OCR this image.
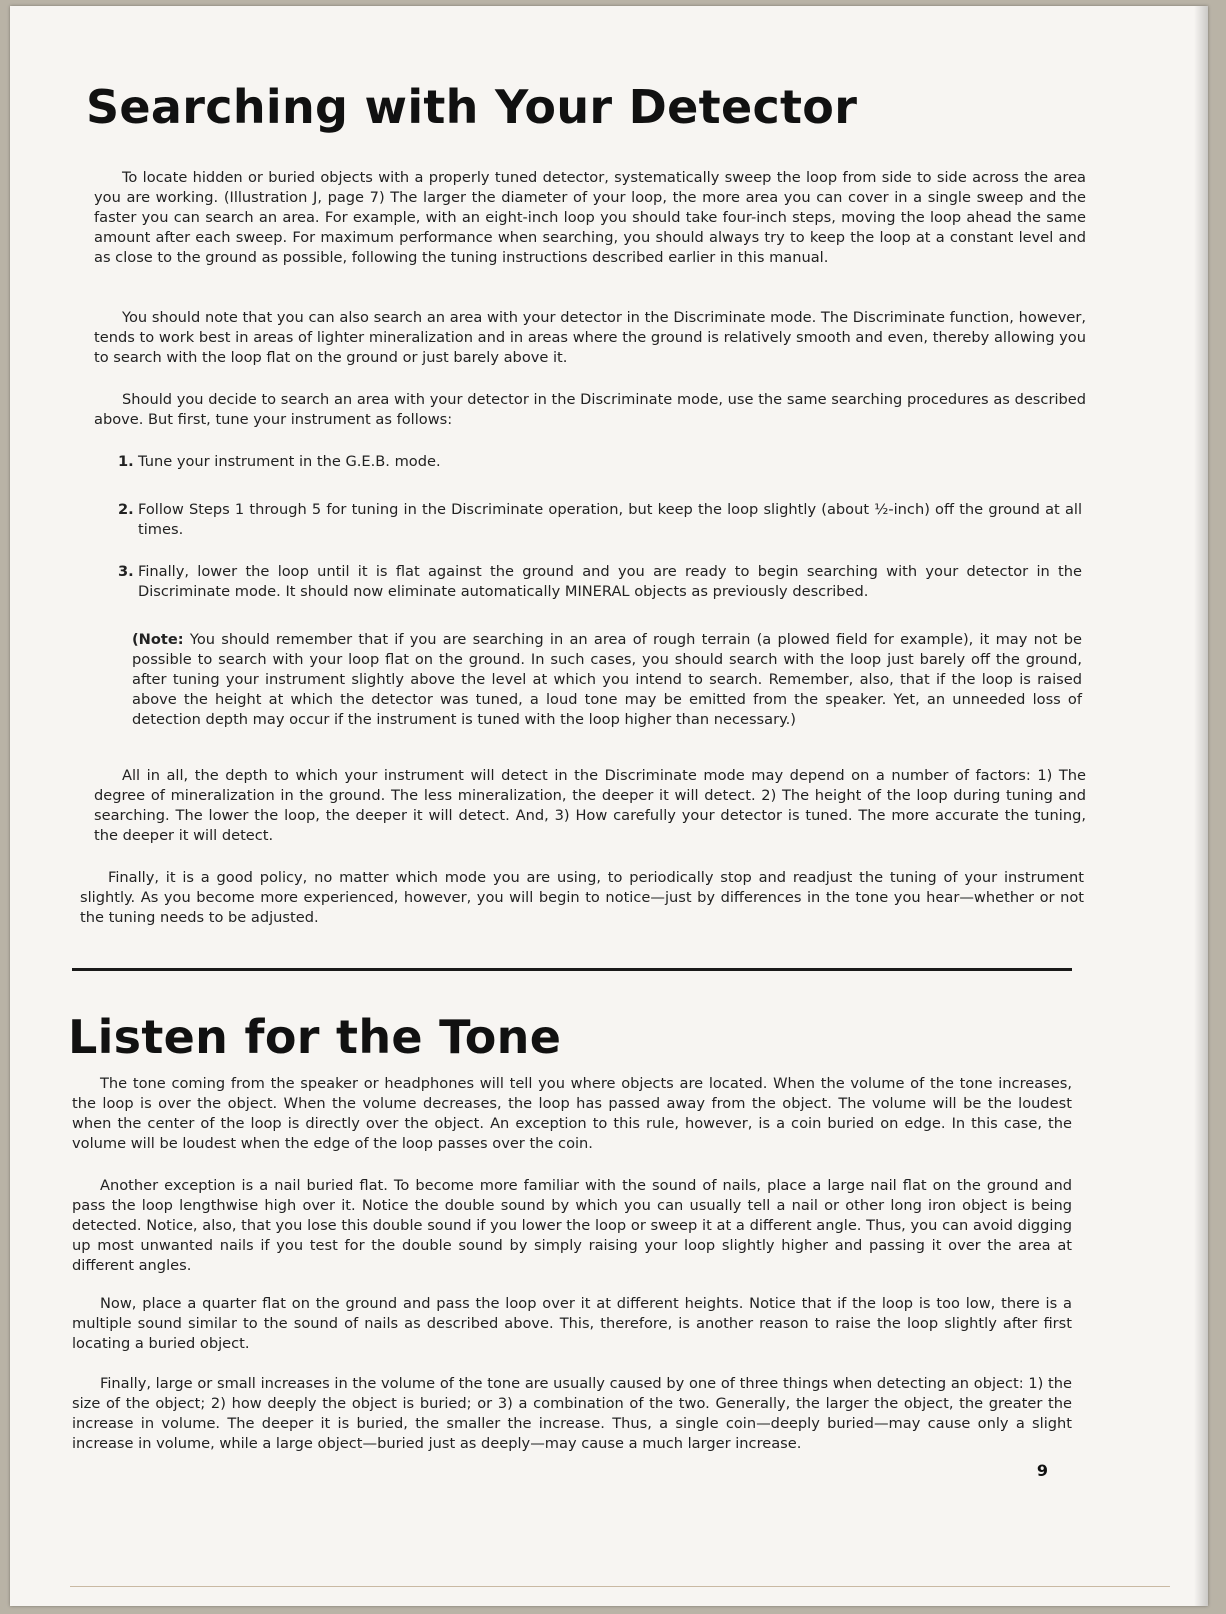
Searching with Your Detector

To locate hidden or buried objects with a properly tuned detector, systematically sweep the loop from side to side across the area you are working. (Illustration J, page 7) The larger the diameter of your loop, the more area you can cover in a single sweep and the faster you can search an area. For example, with an eight-inch loop you should take four-inch steps, moving the loop ahead the same amount after each sweep. For maximum performance when searching, you should always try to keep the loop at a constant level and as close to the ground as possible, following the tuning instructions described earlier in this manual.

You should note that you can also search an area with your detector in the Discriminate mode. The Discriminate function, however, tends to work best in areas of lighter mineralization and in areas where the ground is relatively smooth and even, thereby allowing you to search with the loop flat on the ground or just barely above it.

Should you decide to search an area with your detector in the Discriminate mode, use the same searching procedures as described above. But first, tune your instrument as follows:

1. Tune your instrument in the G.E.B. mode.
2. Follow Steps 1 through 5 for tuning in the Discriminate operation, but keep the loop slightly (about ½-inch) off the ground at all times.
3. Finally, lower the loop until it is flat against the ground and you are ready to begin searching with your detector in the Discriminate mode. It should now eliminate automatically MINERAL objects as previously described.

(Note: You should remember that if you are searching in an area of rough terrain (a plowed field for example), it may not be possible to search with your loop flat on the ground. In such cases, you should search with the loop just barely off the ground, after tuning your instrument slightly above the level at which you intend to search. Remember, also, that if the loop is raised above the height at which the detector was tuned, a loud tone may be emitted from the speaker. Yet, an unneeded loss of detection depth may occur if the instrument is tuned with the loop higher than necessary.)

All in all, the depth to which your instrument will detect in the Discriminate mode may depend on a number of factors: 1) The degree of mineralization in the ground. The less mineralization, the deeper it will detect. 2) The height of the loop during tuning and searching. The lower the loop, the deeper it will detect. And, 3) How carefully your detector is tuned. The more accurate the tuning, the deeper it will detect.

Finally, it is a good policy, no matter which mode you are using, to periodically stop and readjust the tuning of your instrument slightly. As you become more experienced, however, you will begin to notice—just by differences in the tone you hear—whether or not the tuning needs to be adjusted.

Listen for the Tone

The tone coming from the speaker or headphones will tell you where objects are located. When the volume of the tone increases, the loop is over the object. When the volume decreases, the loop has passed away from the object. The volume will be the loudest when the center of the loop is directly over the object. An exception to this rule, however, is a coin buried on edge. In this case, the volume will be loudest when the edge of the loop passes over the coin.

Another exception is a nail buried flat. To become more familiar with the sound of nails, place a large nail flat on the ground and pass the loop lengthwise high over it. Notice the double sound by which you can usually tell a nail or other long iron object is being detected. Notice, also, that you lose this double sound if you lower the loop or sweep it at a different angle. Thus, you can avoid digging up most unwanted nails if you test for the double sound by simply raising your loop slightly higher and passing it over the area at different angles.

Now, place a quarter flat on the ground and pass the loop over it at different heights. Notice that if the loop is too low, there is a multiple sound similar to the sound of nails as described above. This, therefore, is another reason to raise the loop slightly after first locating a buried object.

Finally, large or small increases in the volume of the tone are usually caused by one of three things when detecting an object: 1) the size of the object; 2) how deeply the object is buried; or 3) a combination of the two. Generally, the larger the object, the greater the increase in volume. The deeper it is buried, the smaller the increase. Thus, a single coin—deeply buried—may cause only a slight increase in volume, while a large object—buried just as deeply—may cause a much larger increase.

9
